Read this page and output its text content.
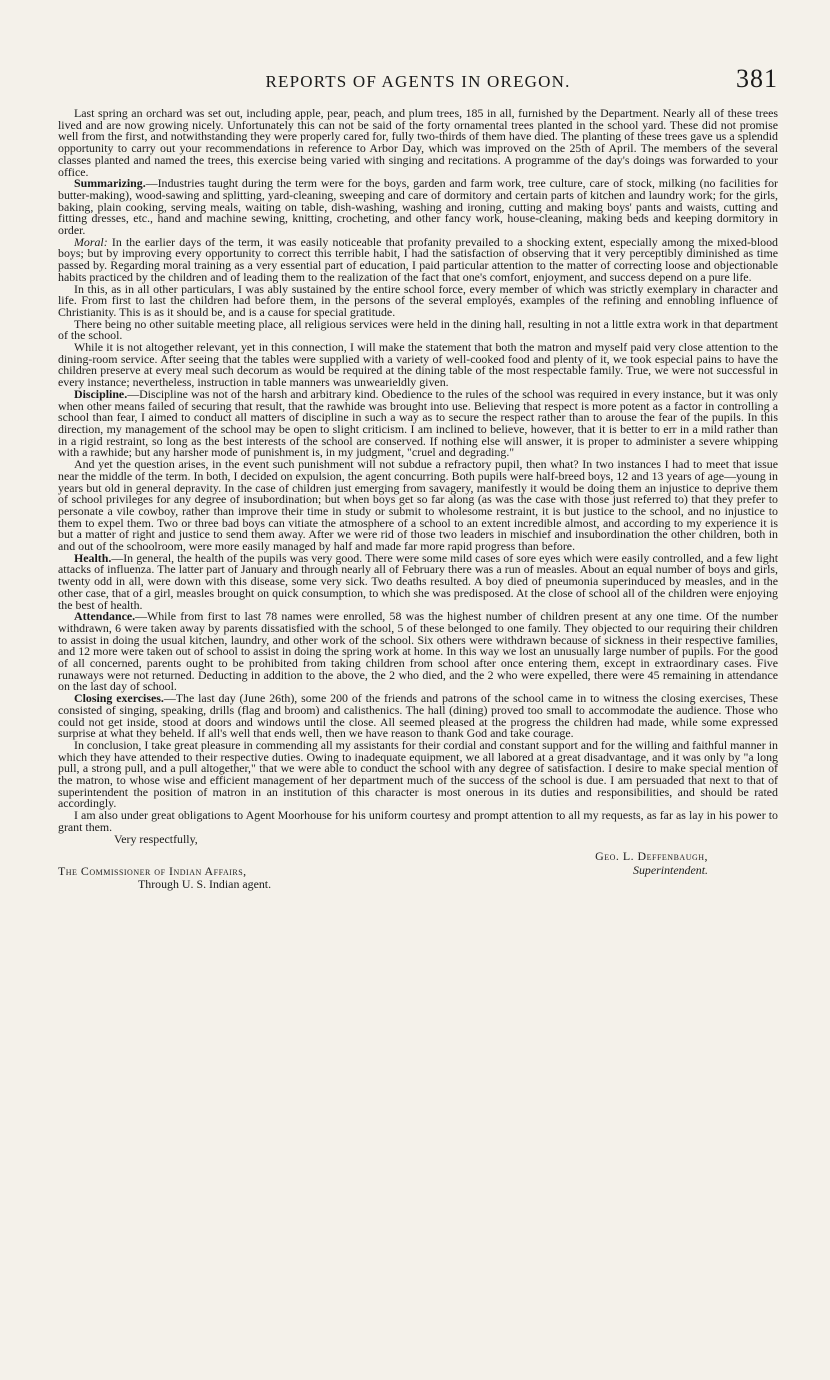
REPORTS OF AGENTS IN OREGON.	381

Last spring an orchard was set out, including apple, pear, peach, and plum trees, 185 in all, furnished by the Department. Nearly all of these trees lived and are now growing nicely. Unfortunately this can not be said of the forty ornamental trees planted in the school yard. These did not promise well from the first, and notwithstanding they were properly cared for, fully two-thirds of them have died. The planting of these trees gave us a splendid opportunity to carry out your recommendations in reference to Arbor Day, which was improved on the 25th of April. The members of the several classes planted and named the trees, this exercise being varied with singing and recitations. A programme of the day's doings was forwarded to your office.

Summarizing.—Industries taught during the term were for the boys, garden and farm work, tree culture, care of stock, milking (no facilities for butter-making), wood-sawing and splitting, yard-cleaning, sweeping and care of dormitory and certain parts of kitchen and laundry work; for the girls, baking, plain cooking, serving meals, waiting on table, dish-washing, washing and ironing, cutting and making boys' pants and waists, cutting and fitting dresses, etc., hand and machine sewing, knitting, crocheting, and other fancy work, house-cleaning, making beds and keeping dormitory in order.

Moral: In the earlier days of the term, it was easily noticeable that profanity prevailed to a shocking extent, especially among the mixed-blood boys; but by improving every opportunity to correct this terrible habit, I had the satisfaction of observing that it very perceptibly diminished as time passed by. Regarding moral training as a very essential part of education, I paid particular attention to the matter of correcting loose and objectionable habits practiced by the children and of leading them to the realization of the fact that one's comfort, enjoyment, and success depend on a pure life.

In this, as in all other particulars, I was ably sustained by the entire school force, every member of which was strictly exemplary in character and life. From first to last the children had before them, in the persons of the several employés, examples of the refining and ennobling influence of Christianity. This is as it should be, and is a cause for special gratitude.

There being no other suitable meeting place, all religious services were held in the dining hall, resulting in not a little extra work in that department of the school.

While it is not altogether relevant, yet in this connection, I will make the statement that both the matron and myself paid very close attention to the dining-room service. After seeing that the tables were supplied with a variety of well-cooked food and plenty of it, we took especial pains to have the children preserve at every meal such decorum as would be required at the dining table of the most respectable family. True, we were not successful in every instance; nevertheless, instruction in table manners was unwearieldly given.

Discipline.—Discipline was not of the harsh and arbitrary kind. Obedience to the rules of the school was required in every instance, but it was only when other means failed of securing that result, that the rawhide was brought into use. Believing that respect is more potent as a factor in controlling a school than fear, I aimed to conduct all matters of discipline in such a way as to secure the respect rather than to arouse the fear of the pupils. In this direction, my management of the school may be open to slight criticism. I am inclined to believe, however, that it is better to err in a mild rather than in a rigid restraint, so long as the best interests of the school are conserved. If nothing else will answer, it is proper to administer a severe whipping with a rawhide; but any harsher mode of punishment is, in my judgment, "cruel and degrading."

And yet the question arises, in the event such punishment will not subdue a refractory pupil, then what? In two instances I had to meet that issue near the middle of the term. In both, I decided on expulsion, the agent concurring. Both pupils were half-breed boys, 12 and 13 years of age—young in years but old in general depravity. In the case of children just emerging from savagery, manifestly it would be doing them an injustice to deprive them of school privileges for any degree of insubordination; but when boys get so far along (as was the case with those just referred to) that they prefer to personate a vile cowboy, rather than improve their time in study or submit to wholesome restraint, it is but justice to the school, and no injustice to them to expel them. Two or three bad boys can vitiate the atmosphere of a school to an extent incredible almost, and according to my experience it is but a matter of right and justice to send them away. After we were rid of those two leaders in mischief and insubordination the other children, both in and out of the schoolroom, were more easily managed by half and made far more rapid progress than before.

Health.—In general, the health of the pupils was very good. There were some mild cases of sore eyes which were easily controlled, and a few light attacks of influenza. The latter part of January and through nearly all of February there was a run of measles. About an equal number of boys and girls, twenty odd in all, were down with this disease, some very sick. Two deaths resulted. A boy died of pneumonia superinduced by measles, and in the other case, that of a girl, measles brought on quick consumption, to which she was predisposed. At the close of school all of the children were enjoying the best of health.

Attendance.—While from first to last 78 names were enrolled, 58 was the highest number of children present at any one time. Of the number withdrawn, 6 were taken away by parents dissatisfied with the school, 5 of these belonged to one family. They objected to our requiring their children to assist in doing the usual kitchen, laundry, and other work of the school. Six others were withdrawn because of sickness in their respective families, and 12 more were taken out of school to assist in doing the spring work at home. In this way we lost an unusually large number of pupils. For the good of all concerned, parents ought to be prohibited from taking children from school after once entering them, except in extraordinary cases. Five runaways were not returned. Deducting in addition to the above, the 2 who died, and the 2 who were expelled, there were 45 remaining in attendance on the last day of school.

Closing exercises.—The last day (June 26th), some 200 of the friends and patrons of the school came in to witness the closing exercises, These consisted of singing, speaking, drills (flag and broom) and calisthenics. The hall (dining) proved too small to accommodate the audience. Those who could not get inside, stood at doors and windows until the close. All seemed pleased at the progress the children had made, while some expressed surprise at what they beheld. If all's well that ends well, then we have reason to thank God and take courage.

In conclusion, I take great pleasure in commending all my assistants for their cordial and constant support and for the willing and faithful manner in which they have attended to their respective duties. Owing to inadequate equipment, we all labored at a great disadvantage, and it was only by "a long pull, a strong pull, and a pull altogether," that we were able to conduct the school with any degree of satisfaction. I desire to make special mention of the matron, to whose wise and efficient management of her department much of the success of the school is due. I am persuaded that next to that of superintendent the position of matron in an institution of this character is most onerous in its duties and responsibilities, and should be rated accordingly.

I am also under great obligations to Agent Moorhouse for his uniform courtesy and prompt attention to all my requests, as far as lay in his power to grant them.

Very respectfully,

The Commissioner of Indian Affairs,
Through U. S. Indian agent.
Geo. L. Deffenbaugh,
Superintendent.
